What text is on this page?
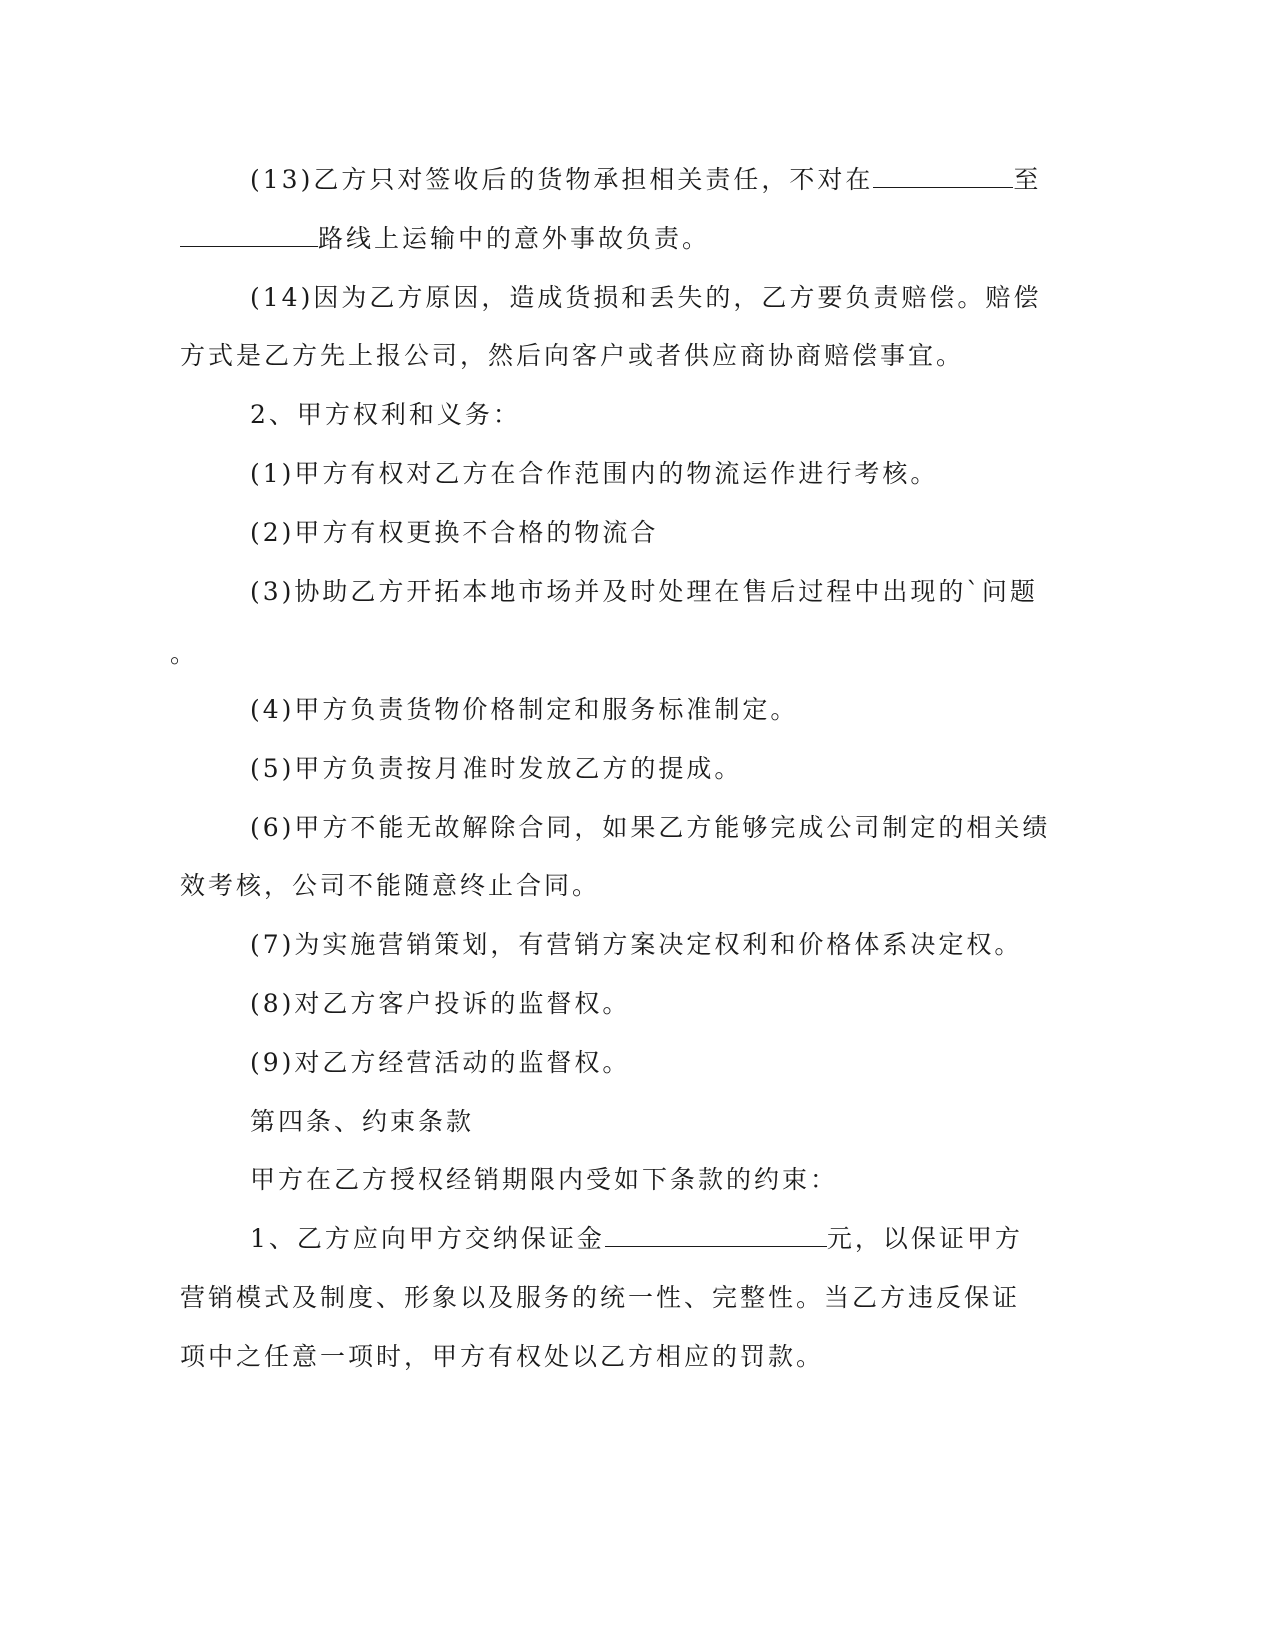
(13)乙方只对签收后的货物承担相关责任，不对在	至
路线上运输中的意外事故负责。
(14)因为乙方原因，造成货损和丢失的，乙方要负责赔偿。赔偿
方式是乙方先上报公司，然后向客户或者供应商协商赔偿事宜。
2、甲方权利和义务：
(1)甲方有权对乙方在合作范围内的物流运作进行考核。
(2)甲方有权更换不合格的物流合
(3)协助乙方开拓本地市场并及时处理在售后过程中出现的`问题
。
(4)甲方负责货物价格制定和服务标准制定。
(5)甲方负责按月准时发放乙方的提成。
(6)甲方不能无故解除合同，如果乙方能够完成公司制定的相关绩
效考核，公司不能随意终止合同。
(7)为实施营销策划，有营销方案决定权利和价格体系决定权。
(8)对乙方客户投诉的监督权。
(9)对乙方经营活动的监督权。
第四条、约束条款
甲方在乙方授权经销期限内受如下条款的约束：
1、乙方应向甲方交纳保证金	元，以保证甲方
营销模式及制度、形象以及服务的统一性、完整性。当乙方违反保证
项中之任意一项时，甲方有权处以乙方相应的罚款。
